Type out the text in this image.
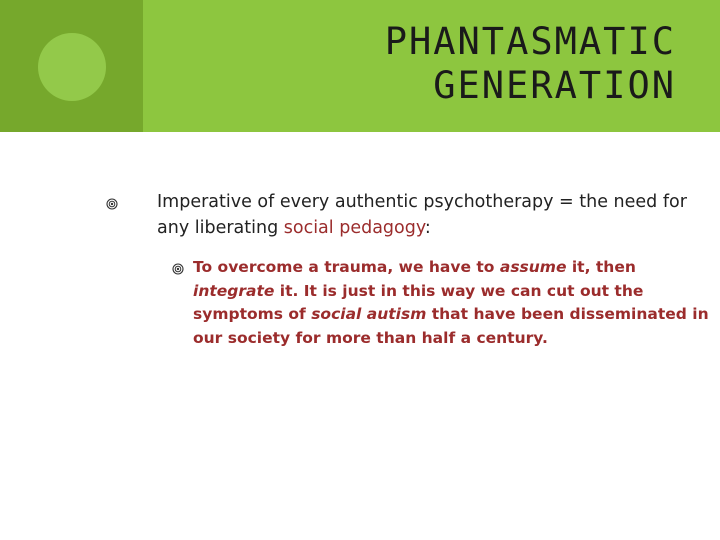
PHANTASMATIC
GENERATION

Imperative of every authentic psychotherapy = the need for any liberating social pedagogy:

To overcome a trauma, we have to assume it, then integrate it. It is just in this way we can cut out the symptoms of social autism that have been disseminated in our society for more than half a century.
